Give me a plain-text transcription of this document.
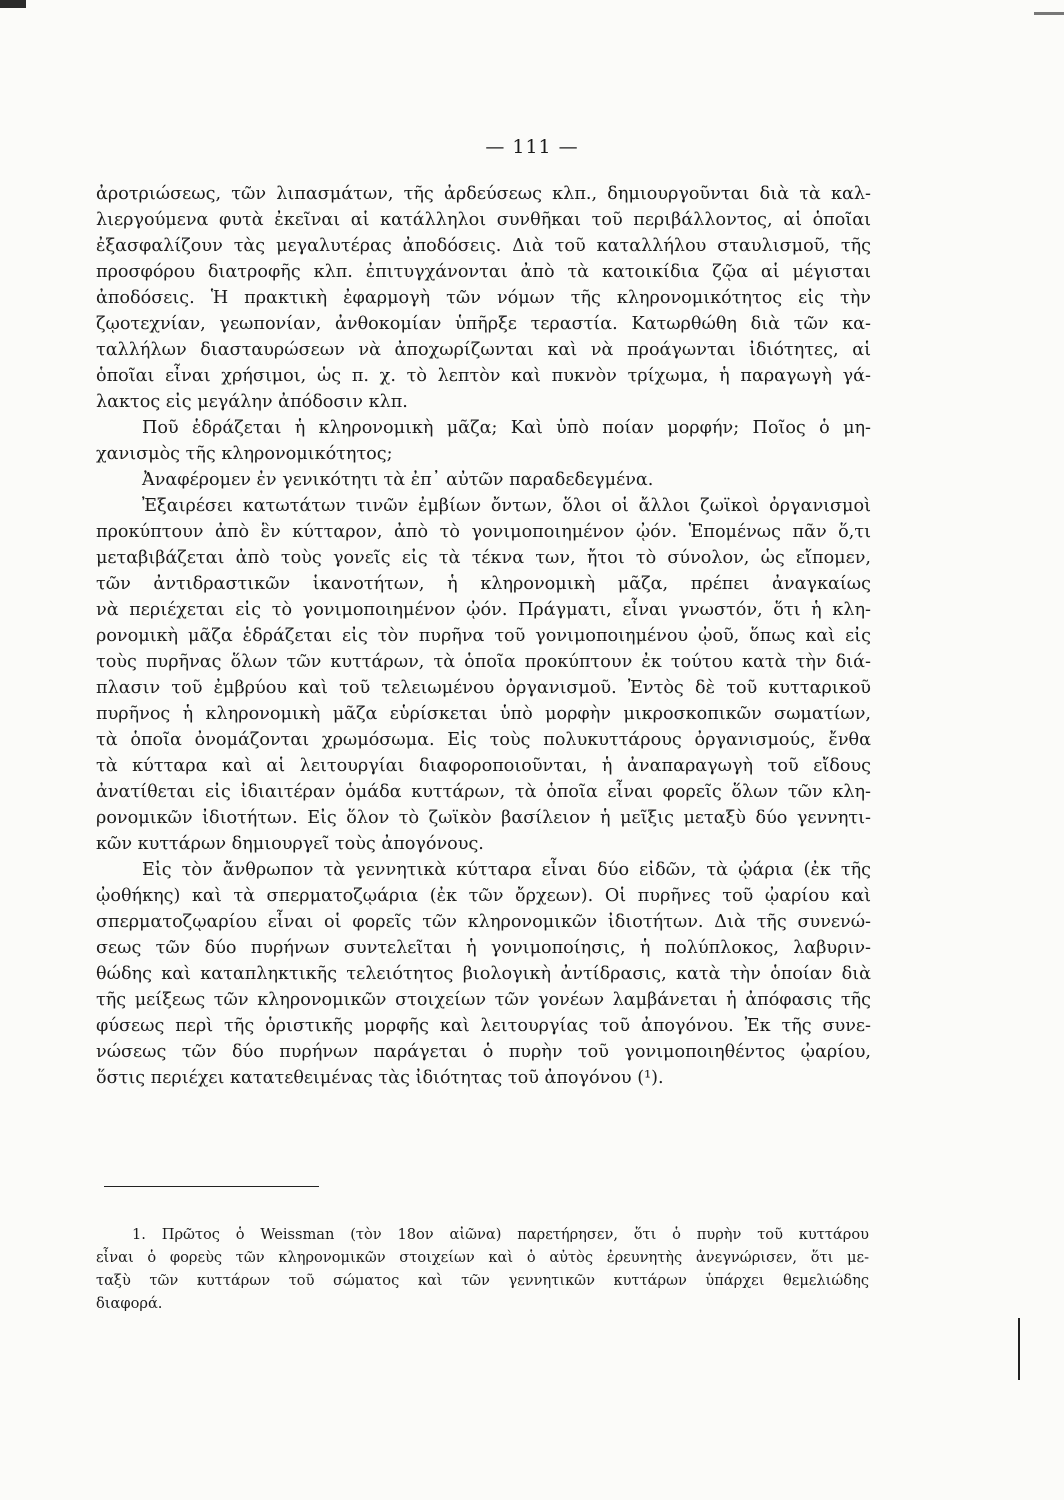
— 111 —
ἀροτριώσεως, τῶν λιπασμάτων, τῆς ἀρδεύσεως κλπ., δημιουργοῦνται διὰ τὰ καλ-
λιεργούμενα φυτὰ ἐκεῖναι αἱ κατάλληλοι συνθῆκαι τοῦ περιβάλλοντος, αἱ ὁποῖαι
ἐξασφαλίζουν τὰς μεγαλυτέρας ἀποδόσεις. Διὰ τοῦ καταλλήλου σταυλισμοῦ, τῆς
προσφόρου διατροφῆς κλπ. ἐπιτυγχάνονται ἀπὸ τὰ κατοικίδια ζῷα αἱ μέγισται
ἀποδόσεις. Ἡ πρακτικὴ ἐφαρμογὴ τῶν νόμων τῆς κληρονομικότητος εἰς τὴν
ζῳοτεχνίαν, γεωπονίαν, ἀνθοκομίαν ὑπῆρξε τεραστία. Κατωρθώθη διὰ τῶν κα-
ταλλήλων διασταυρώσεων νὰ ἀποχωρίζωνται καὶ νὰ προάγωνται ἰδιότητες, αἱ
ὁποῖαι εἶναι χρήσιμοι, ὡς π. χ. τὸ λεπτὸν καὶ πυκνὸν τρίχωμα, ἡ παραγωγὴ γά-
λακτος εἰς μεγάλην ἀπόδοσιν κλπ.
Ποῦ ἑδράζεται ἡ κληρονομικὴ μᾶζα; Καὶ ὑπὸ ποίαν μορφήν; Ποῖος ὁ μη-
χανισμὸς τῆς κληρονομικότητος;
Ἀναφέρομεν ἐν γενικότητι τὰ ἐπ᾽ αὐτῶν παραδεδεγμένα.
Ἐξαιρέσει κατωτάτων τινῶν ἐμβίων ὄντων, ὅλοι οἱ ἄλλοι ζωϊκοὶ ὀργανισμοὶ
προκύπτουν ἀπὸ ἓν κύτταρον, ἀπὸ τὸ γονιμοποιημένον ᾠόν. Ἑπομένως πᾶν ὅ,τι
μεταβιβάζεται ἀπὸ τοὺς γονεῖς εἰς τὰ τέκνα των, ἤτοι τὸ σύνολον, ὡς εἴπομεν,
τῶν ἀντιδραστικῶν ἱκανοτήτων, ἡ κληρονομικὴ μᾶζα, πρέπει ἀναγκαίως
νὰ περιέχεται εἰς τὸ γονιμοποιημένον ᾠόν. Πράγματι, εἶναι γνωστόν, ὅτι ἡ κλη-
ρονομικὴ μᾶζα ἑδράζεται εἰς τὸν πυρῆνα τοῦ γονιμοποιημένου ᾠοῦ, ὅπως καὶ εἰς
τοὺς πυρῆνας ὅλων τῶν κυττάρων, τὰ ὁποῖα προκύπτουν ἐκ τούτου κατὰ τὴν διά-
πλασιν τοῦ ἐμβρύου καὶ τοῦ τελειωμένου ὀργανισμοῦ. Ἐντὸς δὲ τοῦ κυτταρικοῦ
πυρῆνος ἡ κληρονομικὴ μᾶζα εὑρίσκεται ὑπὸ μορφὴν μικροσκοπικῶν σωματίων,
τὰ ὁποῖα ὀνομάζονται χρωμόσωμα. Εἰς τοὺς πολυκυττάρους ὀργανισμούς, ἔνθα
τὰ κύτταρα καὶ αἱ λειτουργίαι διαφοροποιοῦνται, ἡ ἀναπαραγωγὴ τοῦ εἴδους
ἀνατίθεται εἰς ἰδιαιτέραν ὁμάδα κυττάρων, τὰ ὁποῖα εἶναι φορεῖς ὅλων τῶν κλη-
ρονομικῶν ἰδιοτήτων. Εἰς ὅλον τὸ ζωϊκὸν βασίλειον ἡ μεῖξις μεταξὺ δύο γεννητι-
κῶν κυττάρων δημιουργεῖ τοὺς ἀπογόνους.
Εἰς τὸν ἄνθρωπον τὰ γεννητικὰ κύτταρα εἶναι δύο εἰδῶν, τὰ ᾠάρια (ἐκ τῆς
ᾠοθήκης) καὶ τὰ σπερματοζῳάρια (ἐκ τῶν ὄρχεων). Οἱ πυρῆνες τοῦ ᾠαρίου καὶ
σπερματοζῳαρίου εἶναι οἱ φορεῖς τῶν κληρονομικῶν ἰδιοτήτων. Διὰ τῆς συνενώ-
σεως τῶν δύο πυρήνων συντελεῖται ἡ γονιμοποίησις, ἡ πολύπλοκος, λαβυριν-
θώδης καὶ καταπληκτικῆς τελειότητος βιολογικὴ ἀντίδρασις, κατὰ τὴν ὁποίαν διὰ
τῆς μείξεως τῶν κληρονομικῶν στοιχείων τῶν γονέων λαμβάνεται ἡ ἀπόφασις τῆς
φύσεως περὶ τῆς ὁριστικῆς μορφῆς καὶ λειτουργίας τοῦ ἀπογόνου. Ἐκ τῆς συνε-
νώσεως τῶν δύο πυρήνων παράγεται ὁ πυρὴν τοῦ γονιμοποιηθέντος ᾠαρίου,
ὅστις περιέχει κατατεθειμένας τὰς ἰδιότητας τοῦ ἀπογόνου (¹).
1. Πρῶτος ὁ Weissman (τὸν 18ον αἰῶνα) παρετήρησεν, ὅτι ὁ πυρὴν τοῦ κυττάρου
εἶναι ὁ φορεὺς τῶν κληρονομικῶν στοιχείων καὶ ὁ αὐτὸς ἐρευνητὴς ἀνεγνώρισεν, ὅτι με-
ταξὺ τῶν κυττάρων τοῦ σώματος καὶ τῶν γεννητικῶν κυττάρων ὑπάρχει θεμελιώδης
διαφορά.
